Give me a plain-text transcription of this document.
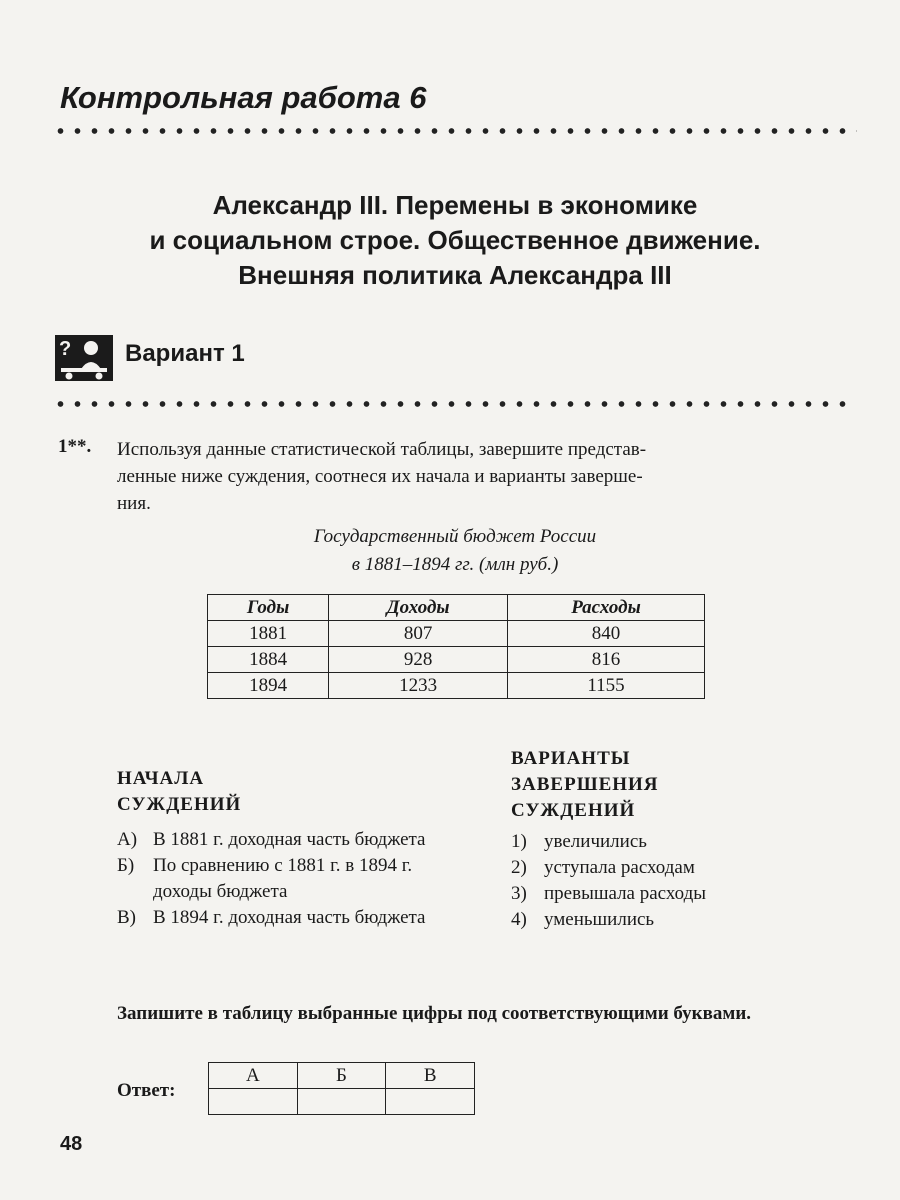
Контрольная работа 6
Александр III. Перемены в экономике
и социальном строе. Общественное движение.
Внешняя политика Александра III
? Вариант 1
1**. Используя данные статистической таблицы, завершите представ-
ленные ниже суждения, соотнеся их начала и варианты заверше-
ния.
Государственный бюджет России
в 1881–1894 гг. (млн руб.)
Годы	Доходы	Расходы
1881	807	840
1884	928	816
1894	1233	1155
НАЧАЛА
СУЖДЕНИЙ
ВАРИАНТЫ
ЗАВЕРШЕНИЯ
СУЖДЕНИЙ
А) В 1881 г. доходная часть бюджета
Б) По сравнению с 1881 г. в 1894 г. доходы бюджета
В) В 1894 г. доходная часть бюджета
1) увеличились
2) уступала расходам
3) превышала расходы
4) уменьшились
Запишите в таблицу выбранные цифры под соответствующими буквами.
Ответ:
А	Б	В

48
